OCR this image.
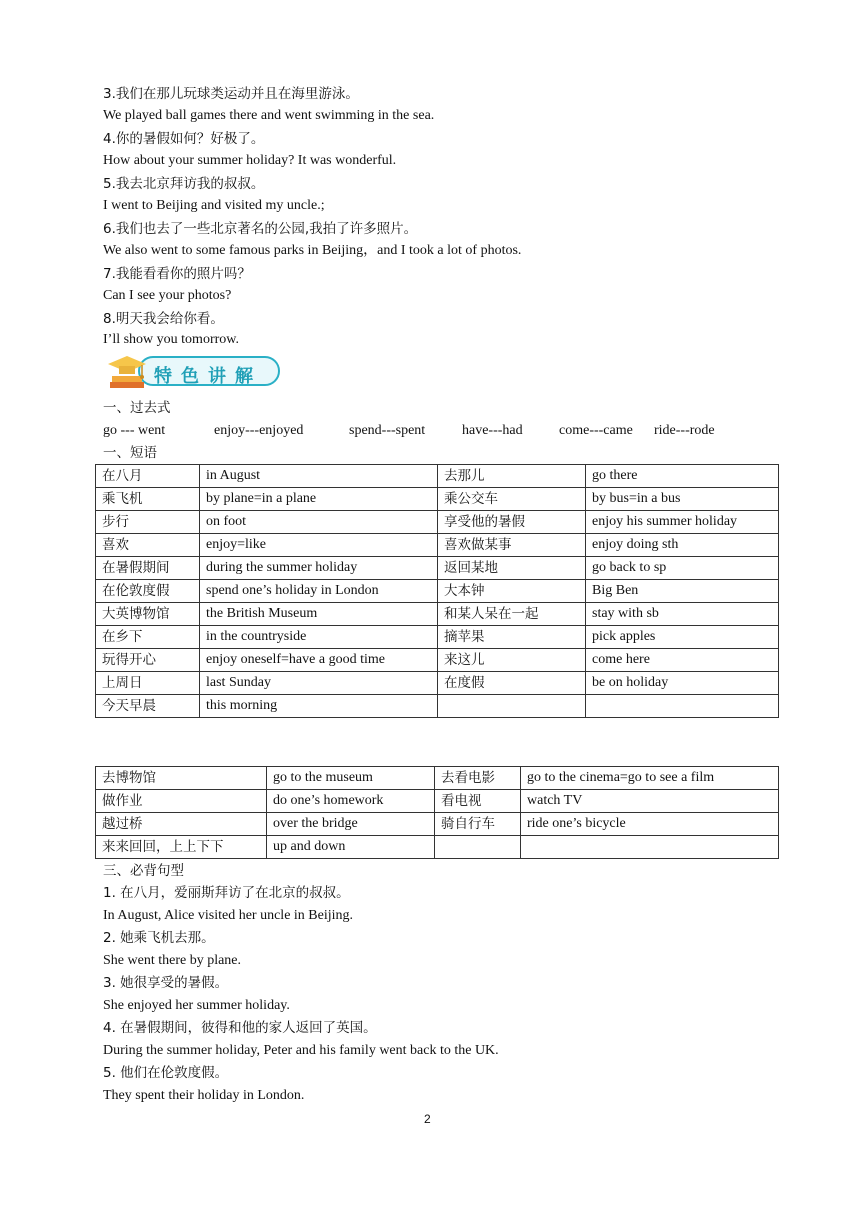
3.我们在那儿玩球类运动并且在海里游泳。
We played ball games there and went swimming in the sea.
4.你的暑假如何？好极了。
How about your summer holiday? It was wonderful.
5.我去北京拜访我的叔叔。
I went to Beijing and visited my uncle.;
6.我们也去了一些北京著名的公园,我拍了许多照片。
We also went to some famous parks in Beijing，and I took a lot of photos.
7.我能看看你的照片吗？
Can I see your photos?
8.明天我会给你看。
I’ll show you tomorrow.
特色讲解
一、过去式
go --- went	enjoy---enjoyed	spend---spent	have---had	come---came ride---rode
一、短语
在八月	in August	去那儿	go there
乘飞机	by plane=in a plane	乘公交车	by bus=in a bus
步行	on foot	享受他的暑假	enjoy his summer holiday
喜欢	enjoy=like	喜欢做某事	enjoy doing sth
在暑假期间	during the summer holiday	返回某地	go back to sp
在伦敦度假	spend one’s holiday in London	大本钟	Big Ben
大英博物馆	the British Museum	和某人呆在一起	stay with sb
在乡下	in the countryside	摘苹果	pick apples
玩得开心	enjoy oneself=have a good time	来这儿	come here
上周日	last Sunday	在度假	be on holiday
今天早晨	this morning		
去博物馆	go to the museum	去看电影	go to the cinema=go to see a film
做作业	do one’s homework	看电视	watch TV
越过桥	over the bridge	骑自行车	ride one’s bicycle
来来回回，上上下下	up and down		
三、必背句型
1. 在八月，爱丽斯拜访了在北京的叔叔。
In August, Alice visited her uncle in Beijing.
2. 她乘飞机去那。
She went there by plane.
3. 她很享受的暑假。
She enjoyed her summer holiday.
4. 在暑假期间，彼得和他的家人返回了英国。
During the summer holiday, Peter and his family went back to the UK.
5. 他们在伦敦度假。
They spent their holiday in London.
2
